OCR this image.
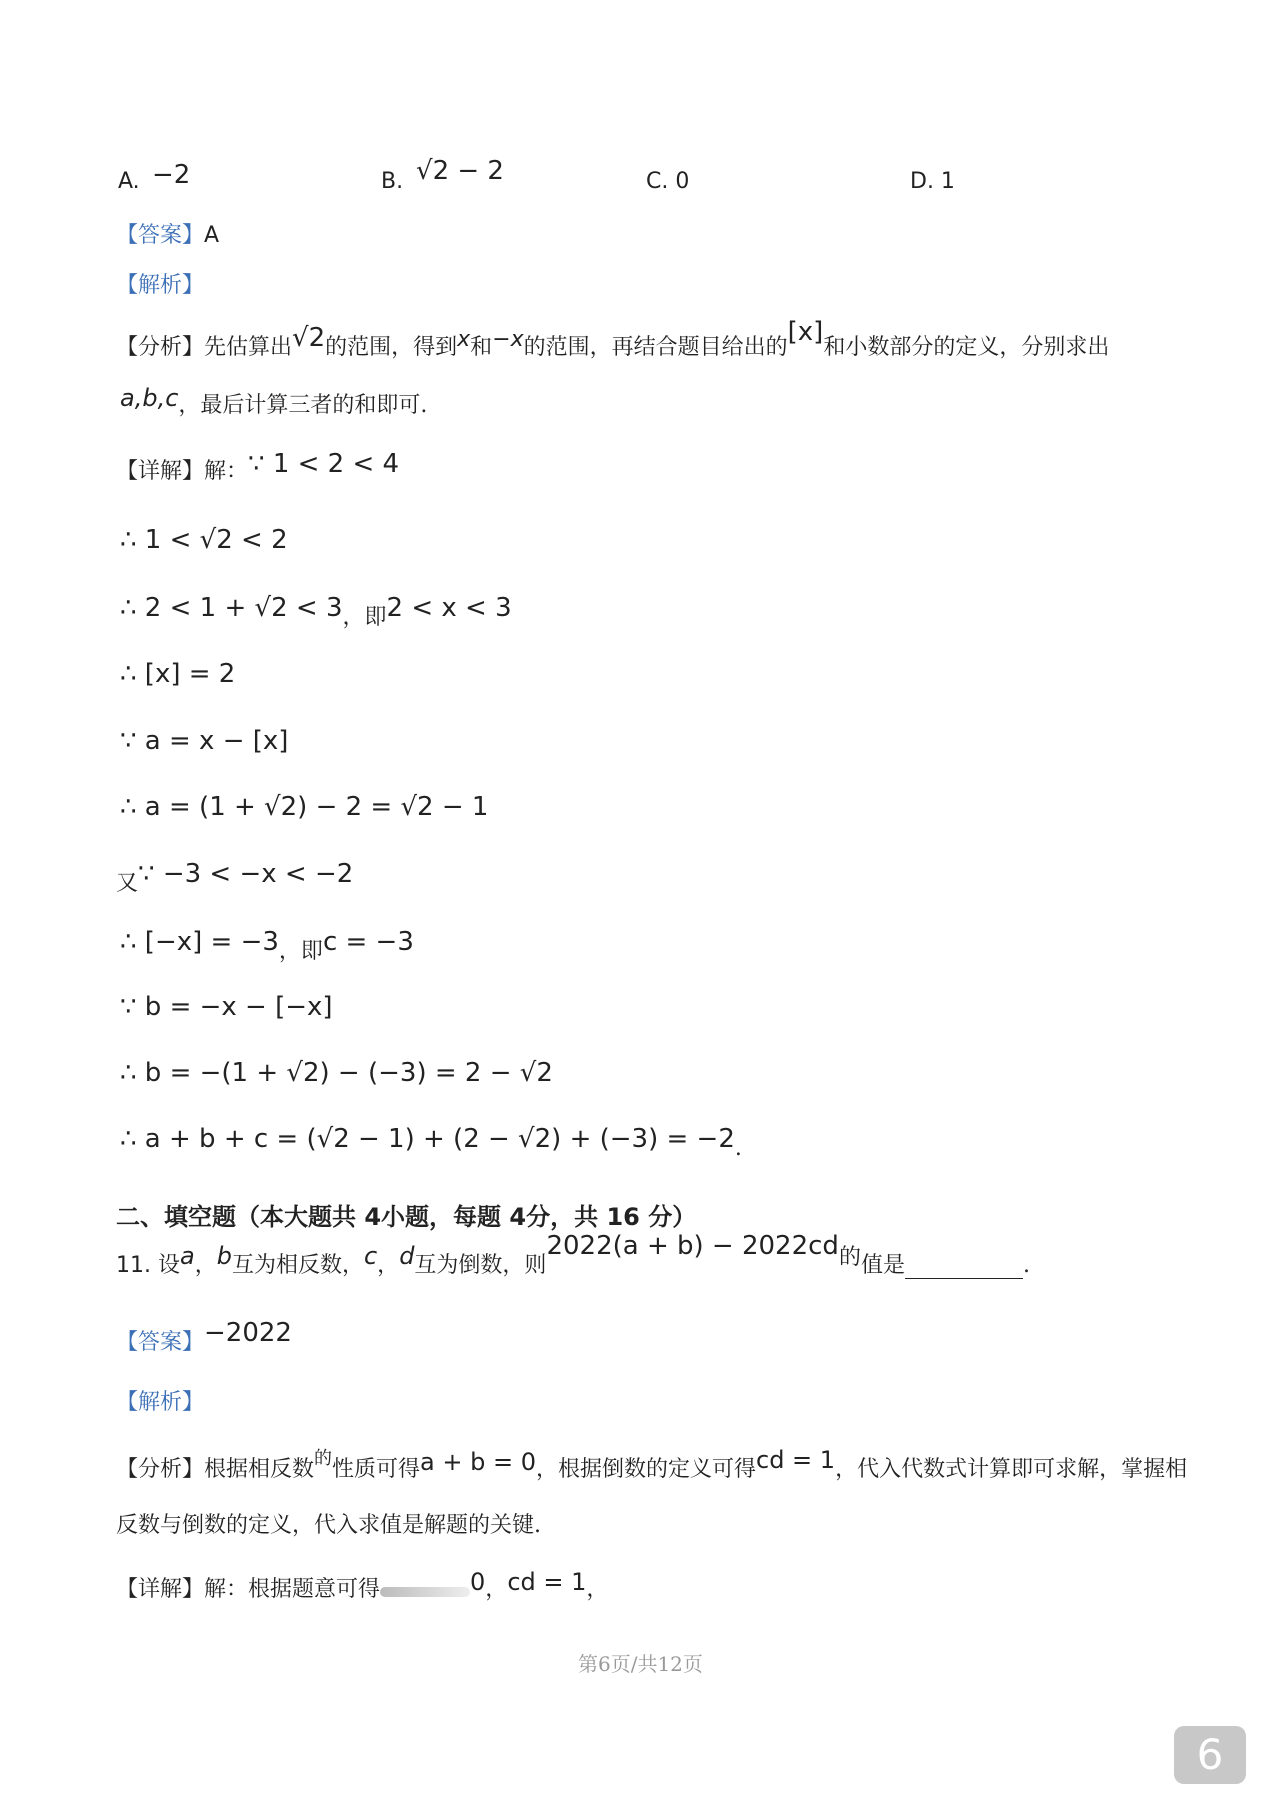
A. −2	B. √2 − 2	C. 0	D. 1
【答案】A
【解析】
【分析】先估算出√2的范围，得到x和−x的范围，再结合题目给出的[x]和小数部分的定义，分别求出
a,b,c，最后计算三者的和即可.
【详解】解：∵ 1 < 2 < 4
∴ 1 < √2 < 2
∴ 2 < 1 + √2 < 3，即2 < x < 3
∴ [x] = 2
∵ a = x − [x]
∴ a = (1 + √2) − 2 = √2 − 1
又∵ −3 < −x < −2
∴ [−x] = −3，即c = −3
∵ b = −x − [−x]
∴ b = −(1 + √2) − (−3) = 2 − √2
∴ a + b + c = (√2 − 1) + (2 − √2) + (−3) = −2.
二、填空题（本大题共 4小题，每题 4分，共 16 分）
11. 设a，b互为相反数，c，d互为倒数，则2022(a + b) − 2022cd的值是	.
【答案】−2022
【解析】
【分析】根据相反数的性质可得a + b = 0，根据倒数的定义可得cd = 1，代入代数式计算即可求解，掌握相
反数与倒数的定义，代入求值是解题的关键.
【详解】解：根据题意可得	0，cd = 1，
第6页/共12页
6
